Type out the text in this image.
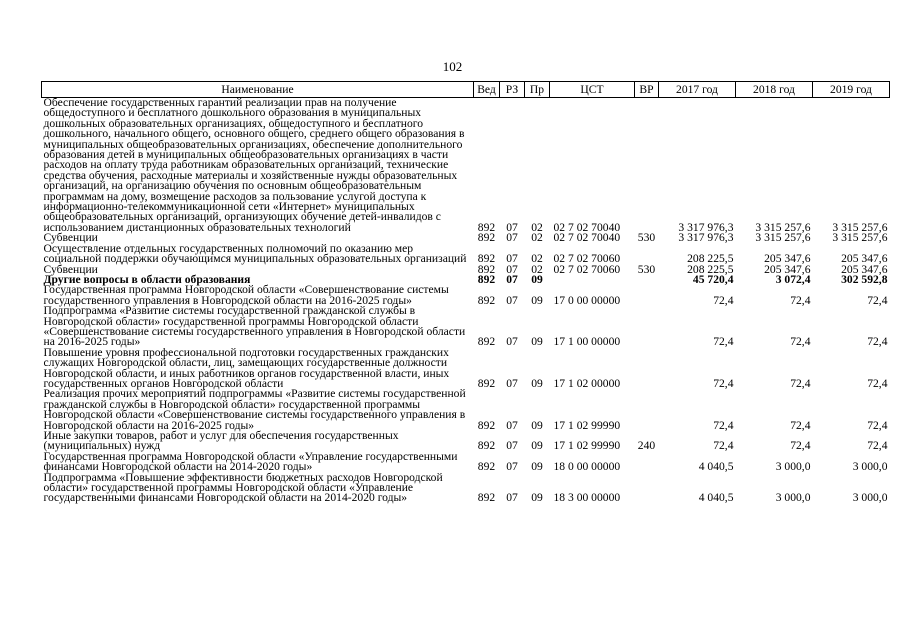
102
Наименование	Вед	РЗ	Пр	ЦСТ	ВР	2017 год	2018 год	2019 год
Обеспечение государственных гарантий реализации прав на получение общедоступного и бесплатного дошкольного образования в муниципальных дошкольных образовательных организациях, общедоступного и бесплатного дошкольного, начального общего, основного общего, среднего общего образования в муниципальных общеобразовательных организациях, обеспечение дополнительного образования детей в муниципальных общеобразовательных организациях в части расходов на оплату труда работникам образовательных организаций, технические средства обучения, расходные материалы и хозяйственные нужды образовательных организаций, на организацию обучения по основным общеобразовательным программам на дому, возмещение расходов за пользование услугой доступа к информационно-телекоммуникационной сети «Интернет» муниципальных общеобразовательных организаций, организующих обучение детей-инвалидов с использованием дистанционных образовательных технологий	892	07	02	02 7 02 70040		3 317 976,3	3 315 257,6	3 315 257,6
Субвенции	892	07	02	02 7 02 70040	530	3 317 976,3	3 315 257,6	3 315 257,6
Осуществление отдельных государственных полномочий по оказанию мер социальной поддержки обучающимся муниципальных образовательных организаций	892	07	02	02 7 02 70060		208 225,5	205 347,6	205 347,6
Субвенции	892	07	02	02 7 02 70060	530	208 225,5	205 347,6	205 347,6
Другие вопросы в области образования	892	07	09			45 720,4	3 072,4	302 592,8
Государственная программа Новгородской области «Совершенствование системы государственного управления в Новгородской области на 2016-2025 годы»	892	07	09	17 0 00 00000		72,4	72,4	72,4
Подпрограмма «Развитие системы государственной гражданской службы в Новгородской области» государственной программы Новгородской области «Совершенствование системы государственного управления в Новгородской области на 2016-2025 годы»	892	07	09	17 1 00 00000		72,4	72,4	72,4
Повышение уровня профессиональной подготовки государственных гражданских служащих Новгородской области, лиц, замещающих государственные должности Новгородской области, и иных работников органов государственной власти, иных государственных органов Новгородской области	892	07	09	17 1 02 00000		72,4	72,4	72,4
Реализация прочих мероприятий подпрограммы «Развитие системы государственной гражданской службы в Новгородской области» государственной программы Новгородской области «Совершенствование системы государственного управления в Новгородской области на 2016-2025 годы»	892	07	09	17 1 02 99990		72,4	72,4	72,4
Иные закупки товаров, работ и услуг для обеспечения государственных (муниципальных) нужд	892	07	09	17 1 02 99990	240	72,4	72,4	72,4
Государственная программа Новгородской области «Управление государственными финансами Новгородской области на 2014-2020 годы»	892	07	09	18 0 00 00000		4 040,5	3 000,0	3 000,0
Подпрограмма «Повышение эффективности бюджетных расходов Новгородской области» государственной программы Новгородской области «Управление государственными финансами Новгородской области на 2014-2020 годы»	892	07	09	18 3 00 00000		4 040,5	3 000,0	3 000,0
